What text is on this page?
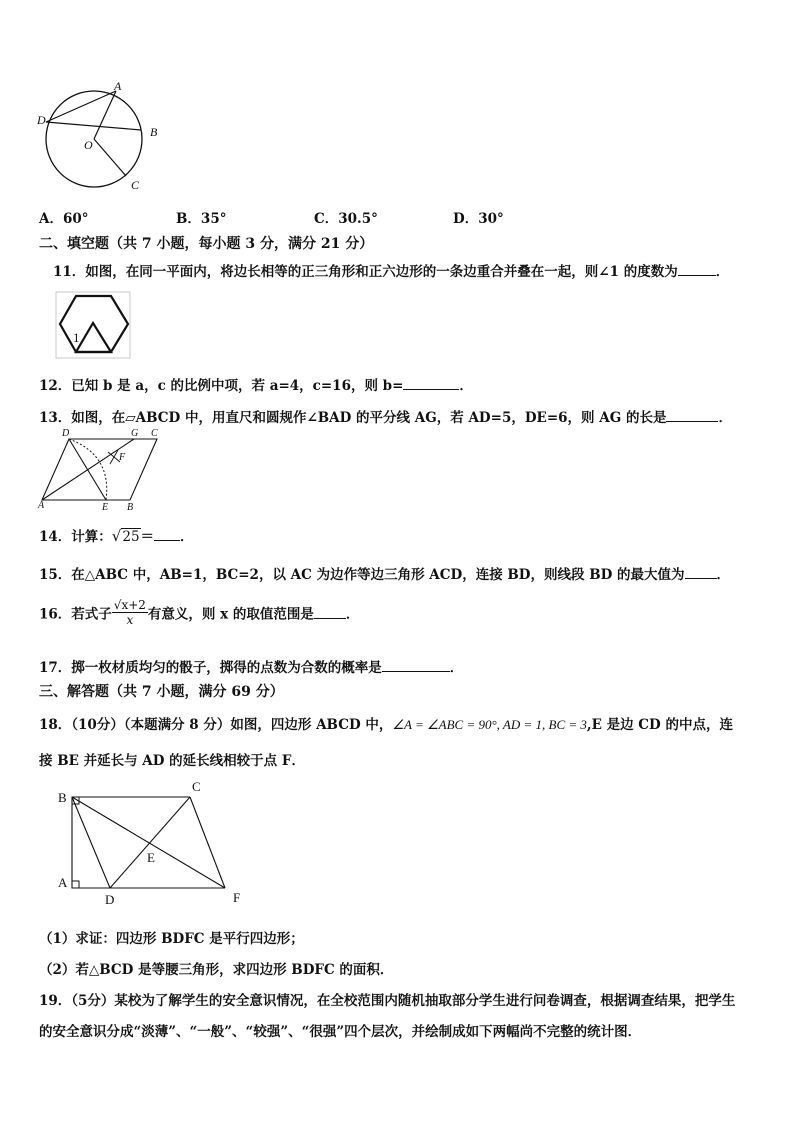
A
D
B
O
C
A．60°	B．35°	C．30.5°	D．30°
二、填空题（共 7 小题，每小题 3 分，满分 21 分）
11．如图，在同一平面内，将边长相等的正三角形和正六边形的一条边重合并叠在一起，则∠1 的度数为	．
1
12．已知 b 是 a，c 的比例中项，若 a=4，c=16，则 b=	．
13．如图，在▱ABCD 中，用直尺和圆规作∠BAD 的平分线 AG，若 AD=5，DE=6，则 AG 的长是	．
D	G C
F
A	E B
14．计算：√25＝ ．
15．在△ABC 中，AB=1，BC=2，以 AC 为边作等边三角形 ACD，连接 BD，则线段 BD 的最大值为 ．
16．若式子 $\frac{√x+2}{x}$ 有意义，则 x 的取值范围是 ．
17．掷一枚材质均匀的骰子，掷得的点数为合数的概率是	．
三、解答题（共 7 小题，满分 69 分）
18．（10分）（本题满分 8 分）如图，四边形 ABCD 中，∠A = ∠ABC = 90°, AD = 1, BC = 3,E 是边 CD 的中点，连
接 BE 并延长与 AD 的延长线相较于点 F．
B
C
E
A
D	F
（1）求证：四边形 BDFC 是平行四边形；
（2）若△BCD 是等腰三角形，求四边形 BDFC 的面积．
19．（5分）某校为了解学生的安全意识情况，在全校范围内随机抽取部分学生进行问卷调查，根据调查结果，把学生
的安全意识分成“淡薄”、“一般”、“较强”、“很强”四个层次，并绘制成如下两幅尚不完整的统计图．
